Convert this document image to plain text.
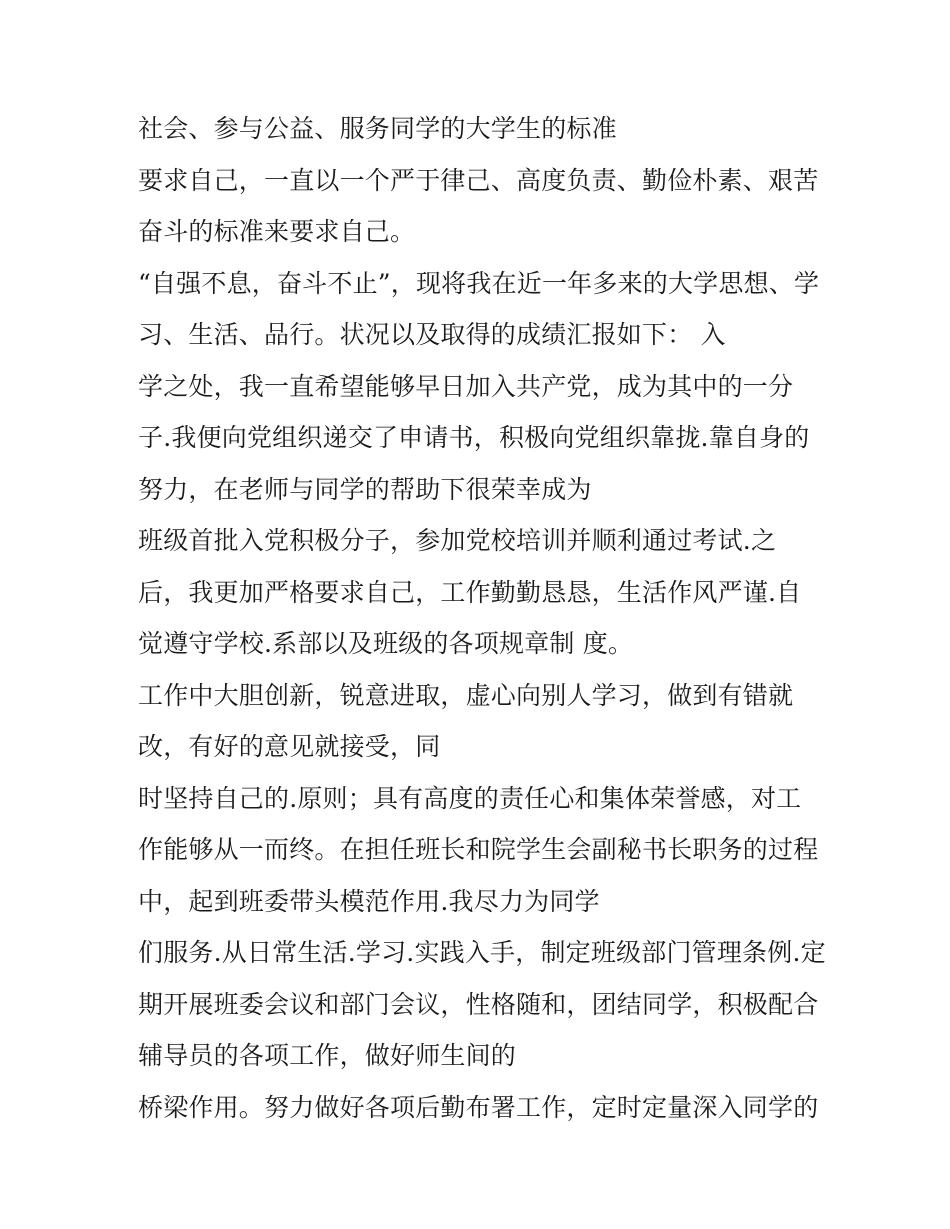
社会、参与公益、服务同学的大学生的标准
要求自己，一直以一个严于律己、高度负责、勤俭朴素、艰苦
奋斗的标准来要求自己。
“自强不息，奋斗不止”，现将我在近一年多来的大学思想、学
习、生活、品行。状况以及取得的成绩汇报如下： 入
学之处，我一直希望能够早日加入共产党，成为其中的一分
子.我便向党组织递交了申请书，积极向党组织靠拢.靠自身的
努力，在老师与同学的帮助下很荣幸成为
班级首批入党积极分子，参加党校培训并顺利通过考试.之
后，我更加严格要求自己，工作勤勤恳恳，生活作风严谨.自
觉遵守学校.系部以及班级的各项规章制 度。
工作中大胆创新，锐意进取，虚心向别人学习，做到有错就
改，有好的意见就接受，同
时坚持自己的.原则；具有高度的责任心和集体荣誉感，对工
作能够从一而终。在担任班长和院学生会副秘书长职务的过程
中，起到班委带头模范作用.我尽力为同学
们服务.从日常生活.学习.实践入手，制定班级部门管理条例.定
期开展班委会议和部门会议，性格随和，团结同学，积极配合
辅导员的各项工作，做好师生间的
桥梁作用。努力做好各项后勤布署工作，定时定量深入同学的
